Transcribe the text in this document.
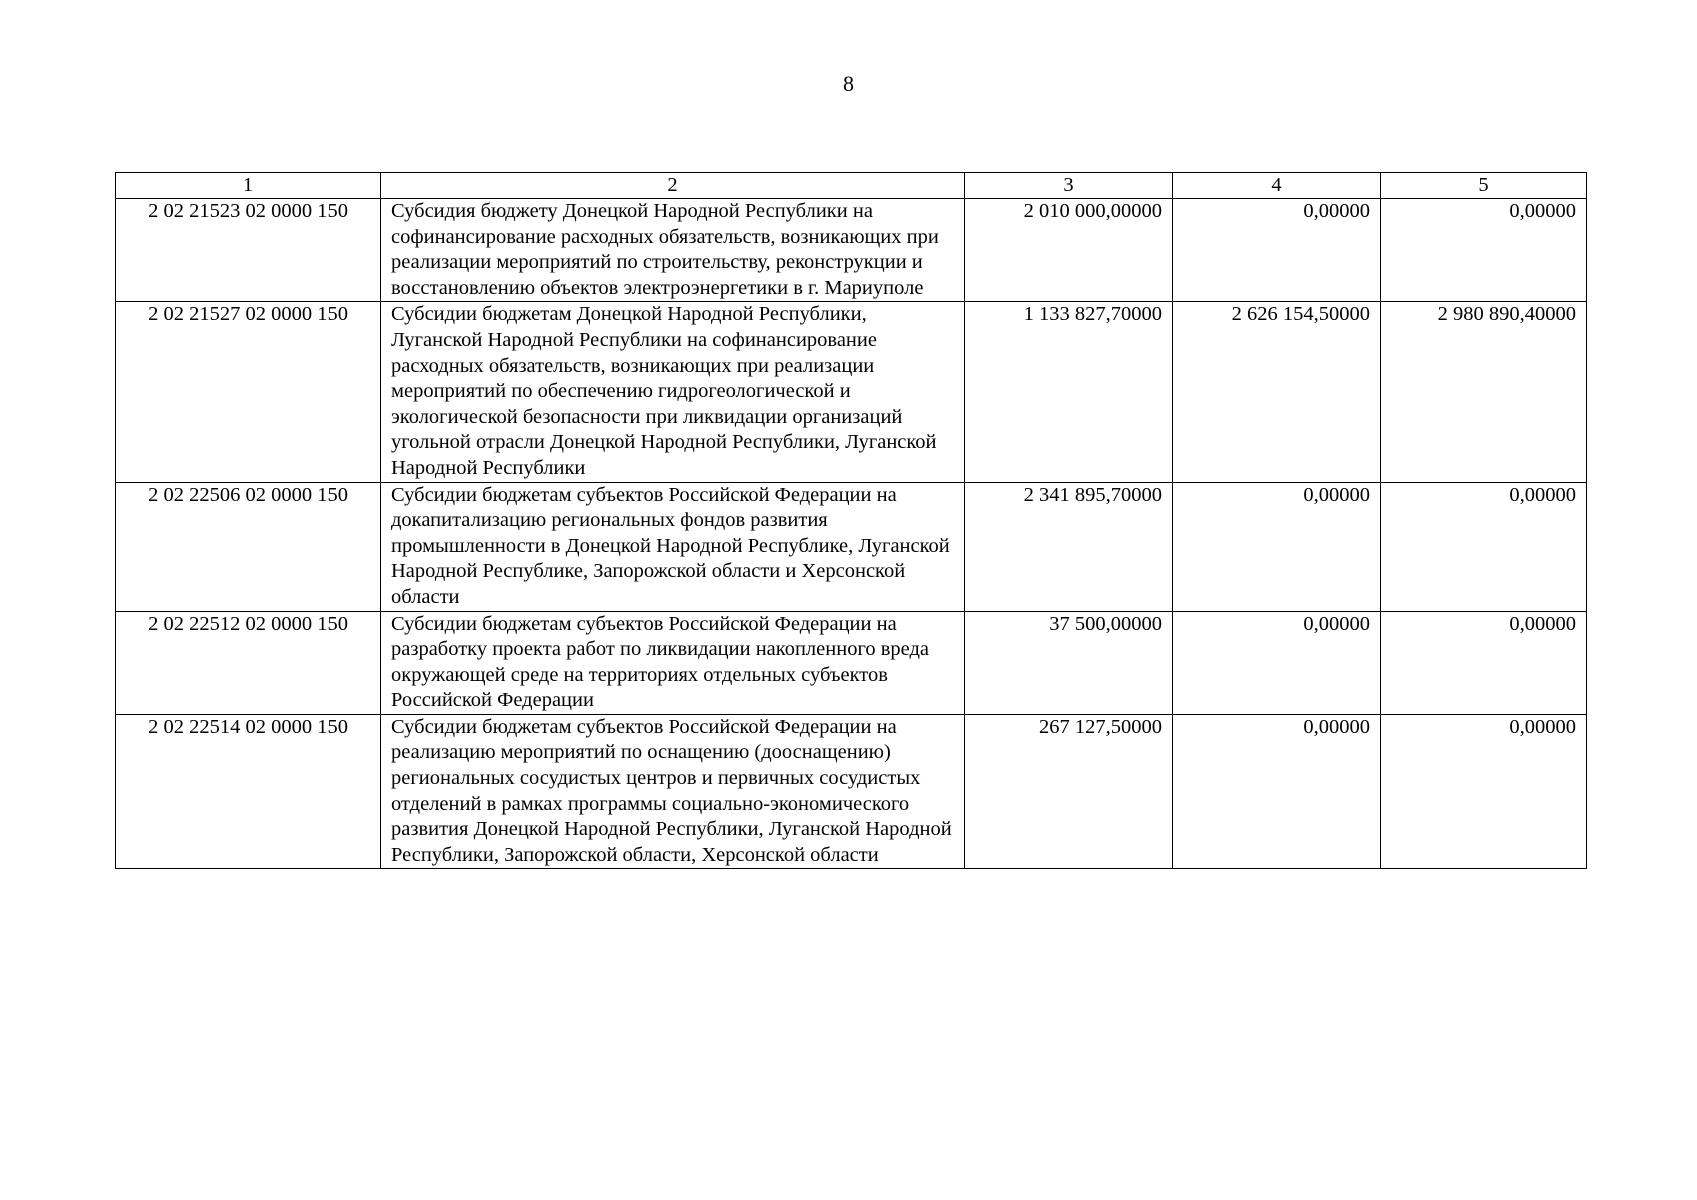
8
1	2	3	4	5
2 02 21523 02 0000 150	Субсидия бюджету Донецкой Народной Республики на софинансирование расходных обязательств, возникающих при реализации мероприятий по строительству, реконструкции и восстановлению объектов электроэнергетики в г. Мариуполе	2 010 000,00000	0,00000	0,00000
2 02 21527 02 0000 150	Субсидии бюджетам Донецкой Народной Республики, Луганской Народной Республики на софинансирование расходных обязательств, возникающих при реализации мероприятий по обеспечению гидрогеологической и экологической безопасности при ликвидации организаций угольной отрасли Донецкой Народной Республики, Луганской Народной Республики	1 133 827,70000	2 626 154,50000	2 980 890,40000
2 02 22506 02 0000 150	Субсидии бюджетам субъектов Российской Федерации на докапитализацию региональных фондов развития промышленности в Донецкой Народной Республике, Луганской Народной Республике, Запорожской области и Херсонской области	2 341 895,70000	0,00000	0,00000
2 02 22512 02 0000 150	Субсидии бюджетам субъектов Российской Федерации на разработку проекта работ по ликвидации накопленного вреда окружающей среде на территориях отдельных субъектов Российской Федерации	37 500,00000	0,00000	0,00000
2 02 22514 02 0000 150	Субсидии бюджетам субъектов Российской Федерации на реализацию мероприятий по оснащению (дооснащению) региональных сосудистых центров и первичных сосудистых отделений в рамках программы социально-экономического развития Донецкой Народной Республики, Луганской Народной Республики, Запорожской области, Херсонской области	267 127,50000	0,00000	0,00000
